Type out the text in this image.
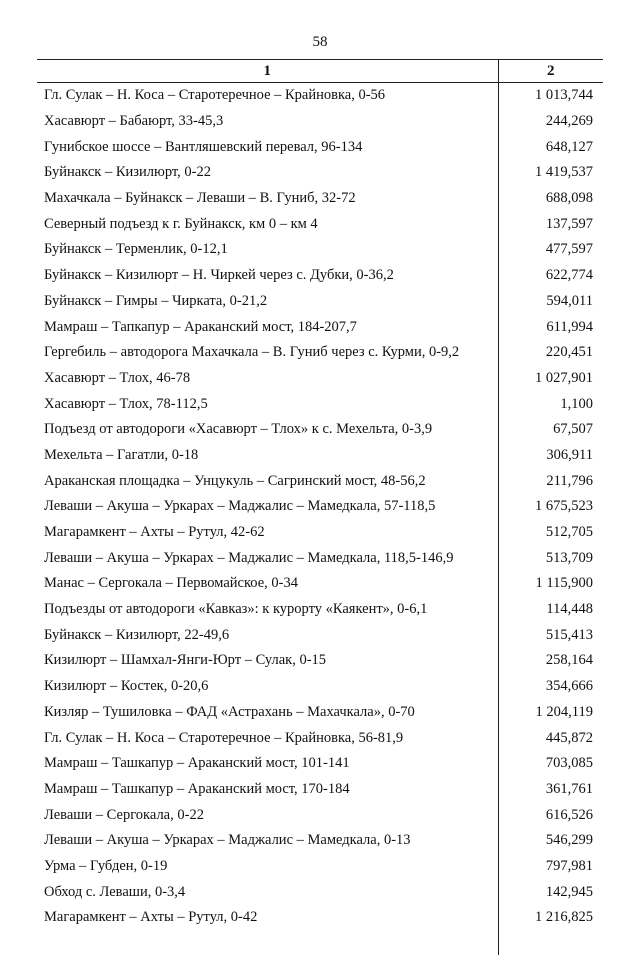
58
1	2
Гл. Сулак – Н. Коса – Старотеречное – Крайновка, 0-56	1 013,744
Хасавюрт – Бабаюрт, 33-45,3	244,269
Гунибское шоссе – Вантляшевский перевал, 96-134	648,127
Буйнакск – Кизилюрт, 0-22	1 419,537
Махачкала – Буйнакск – Леваши – В. Гуниб, 32-72	688,098
Северный подъезд к г. Буйнакск, км 0 – км 4	137,597
Буйнакск – Терменлик, 0-12,1	477,597
Буйнакск – Кизилюрт – Н. Чиркей через с. Дубки, 0-36,2	622,774
Буйнакск – Гимры – Чирката, 0-21,2	594,011
Мамраш – Тапкапур – Араканский мост, 184-207,7	611,994
Гергебиль – автодорога Махачкала – В. Гуниб через с. Курми, 0-9,2	220,451
Хасавюрт – Тлох, 46-78	1 027,901
Хасавюрт – Тлох, 78-112,5	1,100
Подъезд от автодороги «Хасавюрт – Тлох» к с. Мехельта, 0-3,9	67,507
Мехельта – Гагатли, 0-18	306,911
Араканская площадка – Унцукуль – Сагринский мост, 48-56,2	211,796
Леваши – Акуша – Уркарах – Маджалис – Мамедкала, 57-118,5	1 675,523
Магарамкент – Ахты – Рутул, 42-62	512,705
Леваши – Акуша – Уркарах – Маджалис – Мамедкала, 118,5-146,9	513,709
Манас – Сергокала – Первомайское, 0-34	1 115,900
Подъезды от автодороги «Кавказ»: к курорту «Каякент», 0-6,1	114,448
Буйнакск – Кизилюрт, 22-49,6	515,413
Кизилюрт – Шамхал-Янги-Юрт – Сулак, 0-15	258,164
Кизилюрт – Костек, 0-20,6	354,666
Кизляр – Тушиловка – ФАД «Астрахань – Махачкала», 0-70	1 204,119
Гл. Сулак – Н. Коса – Старотеречное – Крайновка, 56-81,9	445,872
Мамраш – Ташкапур – Араканский мост, 101-141	703,085
Мамраш – Ташкапур – Араканский мост, 170-184	361,761
Леваши – Сергокала, 0-22	616,526
Леваши – Акуша – Уркарах – Маджалис – Мамедкала, 0-13	546,299
Урма – Губден, 0-19	797,981
Обход с. Леваши, 0-3,4	142,945
Магарамкент – Ахты – Рутул, 0-42	1 216,825
